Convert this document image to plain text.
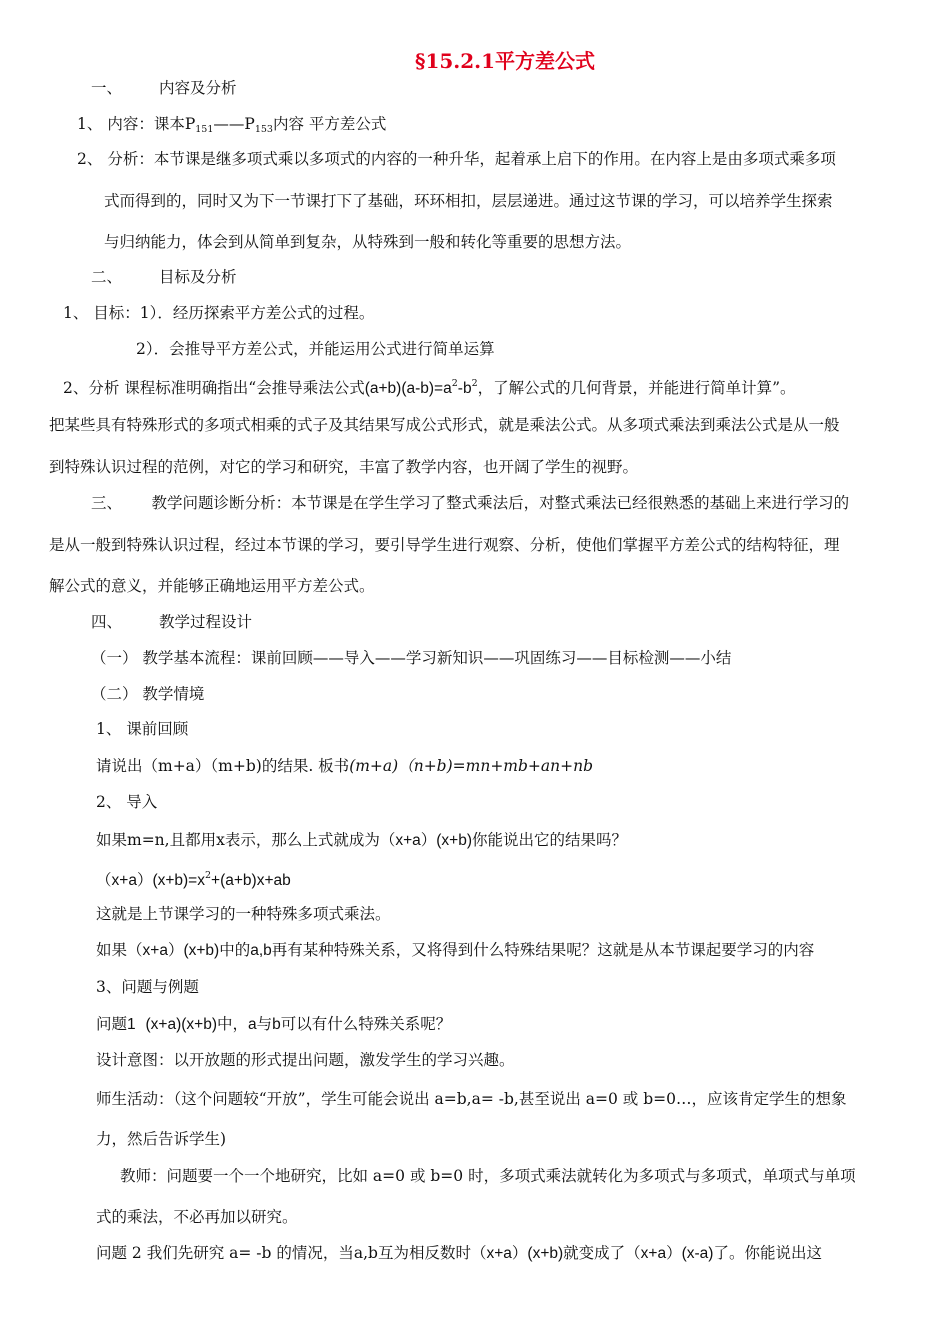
§15.2.1平方差公式
一、 内容及分析
1、 内容：课本$P_{151}——P_{153}$内容 平方差公式
2、 分析：本节课是继多项式乘以多项式的内容的一种升华，起着承上启下的作用。在内容上是由多项式乘多项
式而得到的，同时又为下一节课打下了基础，环环相扣，层层递进。通过这节课的学习，可以培养学生探索
与归纳能力，体会到从简单到复杂，从特殊到一般和转化等重要的思想方法。
二、 目标及分析
1、 目标：1）．经历探索平方差公式的过程。
2）．会推导平方差公式，并能运用公式进行简单运算
2、分析 课程标准明确指出“会推导乘法公式$(a+b)(a-b)=a^2-b^2$，了解公式的几何背景，并能进行简单计算”。
把某些具有特殊形式的多项式相乘的式子及其结果写成公式形式，就是乘法公式。从多项式乘法到乘法公式是从一般
到特殊认识过程的范例，对它的学习和研究，丰富了教学内容，也开阔了学生的视野。
三、      教学问题诊断分析：本节课是在学生学习了整式乘法后，对整式乘法已经很熟悉的基础上来进行学习的
是从一般到特殊认识过程，经过本节课的学习，要引导学生进行观察、分析，使他们掌握平方差公式的结构特征，理
解公式的意义，并能够正确地运用平方差公式。
四、 教学过程设计
（一） 教学基本流程：课前回顾——导入——学习新知识——巩固练习——目标检测——小结
（二） 教学情境
1、 课前回顾
请说出（m+a）（m+b)的结果. 板书(m+a)（n+b)=mn+mb+an+nb
2、 导入
如果m=n,且都用x表示，那么上式就成为（x+a）(x+b)你能说出它的结果吗？
$(x+a)(x+b)=x^2+(a+b)x+ab$
这就是上节课学习的一种特殊多项式乘法。
如果（x+a）(x+b)中的a,b再有某种特殊关系，又将得到什么特殊结果呢？这就是从本节课起要学习的内容
3、问题与例题
问题1 (x+a)(x+b)中，a与b可以有什么特殊关系呢？
设计意图：以开放题的形式提出问题，激发学生的学习兴趣。
师生活动：（这个问题较“开放”，学生可能会说出 a=b,a= -b,甚至说出 a=0 或 b=0…，应该肯定学生的想象
力，然后告诉学生)
教师：问题要一个一个地研究，比如 a=0 或 b=0 时，多项式乘法就转化为多项式与多项式，单项式与单项
式的乘法，不必再加以研究。
问题 2 我们先研究 a= -b 的情况，当a,b互为相反数时（x+a）(x+b)就变成了（x+a）(x-a)了。你能说出这
